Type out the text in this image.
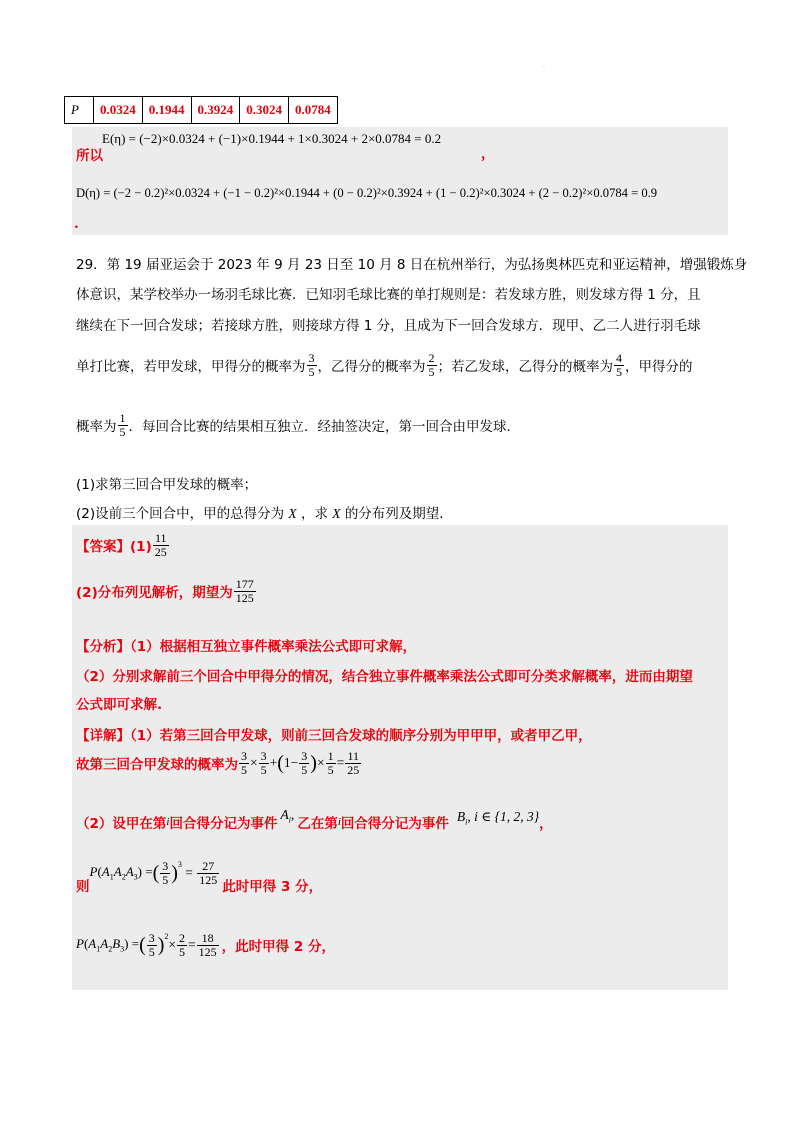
.
P	0.0324	0.1944	0.3924	0.3024	0.0784
E(η) = (−2)×0.0324 + (−1)×0.1944 + 1×0.3024 + 2×0.0784 = 0.2
所以	，
D(η) = (−2 − 0.2)²×0.0324 + (−1 − 0.2)²×0.1944 + (0 − 0.2)²×0.3924 + (1 − 0.2)²×0.3024 + (2 − 0.2)²×0.0784 = 0.9
.
29．第 19 届亚运会于 2023 年 9 月 23 日至 10 月 8 日在杭州举行，为弘扬奥林匹克和亚运精神，增强锻炼身
体意识，某学校举办一场羽毛球比赛．已知羽毛球比赛的单打规则是：若发球方胜，则发球方得 1 分，且
继续在下一回合发球；若接球方胜，则接球方得 1 分，且成为下一回合发球方．现甲、乙二人进行羽毛球
单打比赛，若甲发球，甲得分的概率为 $\frac{3}{5}$ ，乙得分的概率为 $\frac{2}{5}$ ；若乙发球，乙得分的概率为 $\frac{4}{5}$ ，甲得分的
概率为 $\frac{1}{5}$ ．每回合比赛的结果相互独立．经抽签决定，第一回合由甲发球．
(1)求第三回合甲发球的概率；
(2)设前三个回合中，甲的总得分为 X ，求 X 的分布列及期望．
【答案】$(1) \frac{11}{25}$
(2)分布列见解析，期望为 $\frac{177}{125}$
【分析】（1）根据相互独立事件概率乘法公式即可求解，
（2）分别求解前三个回合中甲得分的情况，结合独立事件概率乘法公式即可分类求解概率，进而由期望
公式即可求解.
【详解】（1）若第三回合甲发球，则前三回合发球的顺序分别为甲甲甲，或者甲乙甲，
故第三回合甲发球的概率为 $\frac{3}{5} \times \frac{3}{5}$ + ( $1- \frac{3}{5}$ ) × $\frac{1}{5} = \frac{11}{25}$
（2）设甲在第 i 回合得分记为事件
$A_i$,
乙在第 i 回合得分记为事件 $B_i$, i ∈ {1, 2, 3} ，
则
$P(A_1A_2A_3)$ = ( $\frac{3}{5} )^3$
= $\frac{27}{125}$
此时甲得 3 分，
$P(A_1A_2B_3)$ = ( $\frac{3}{5} )^2$
× $\frac{2}{5} = \frac{18}{125}$ ，此时甲得 2 分，
